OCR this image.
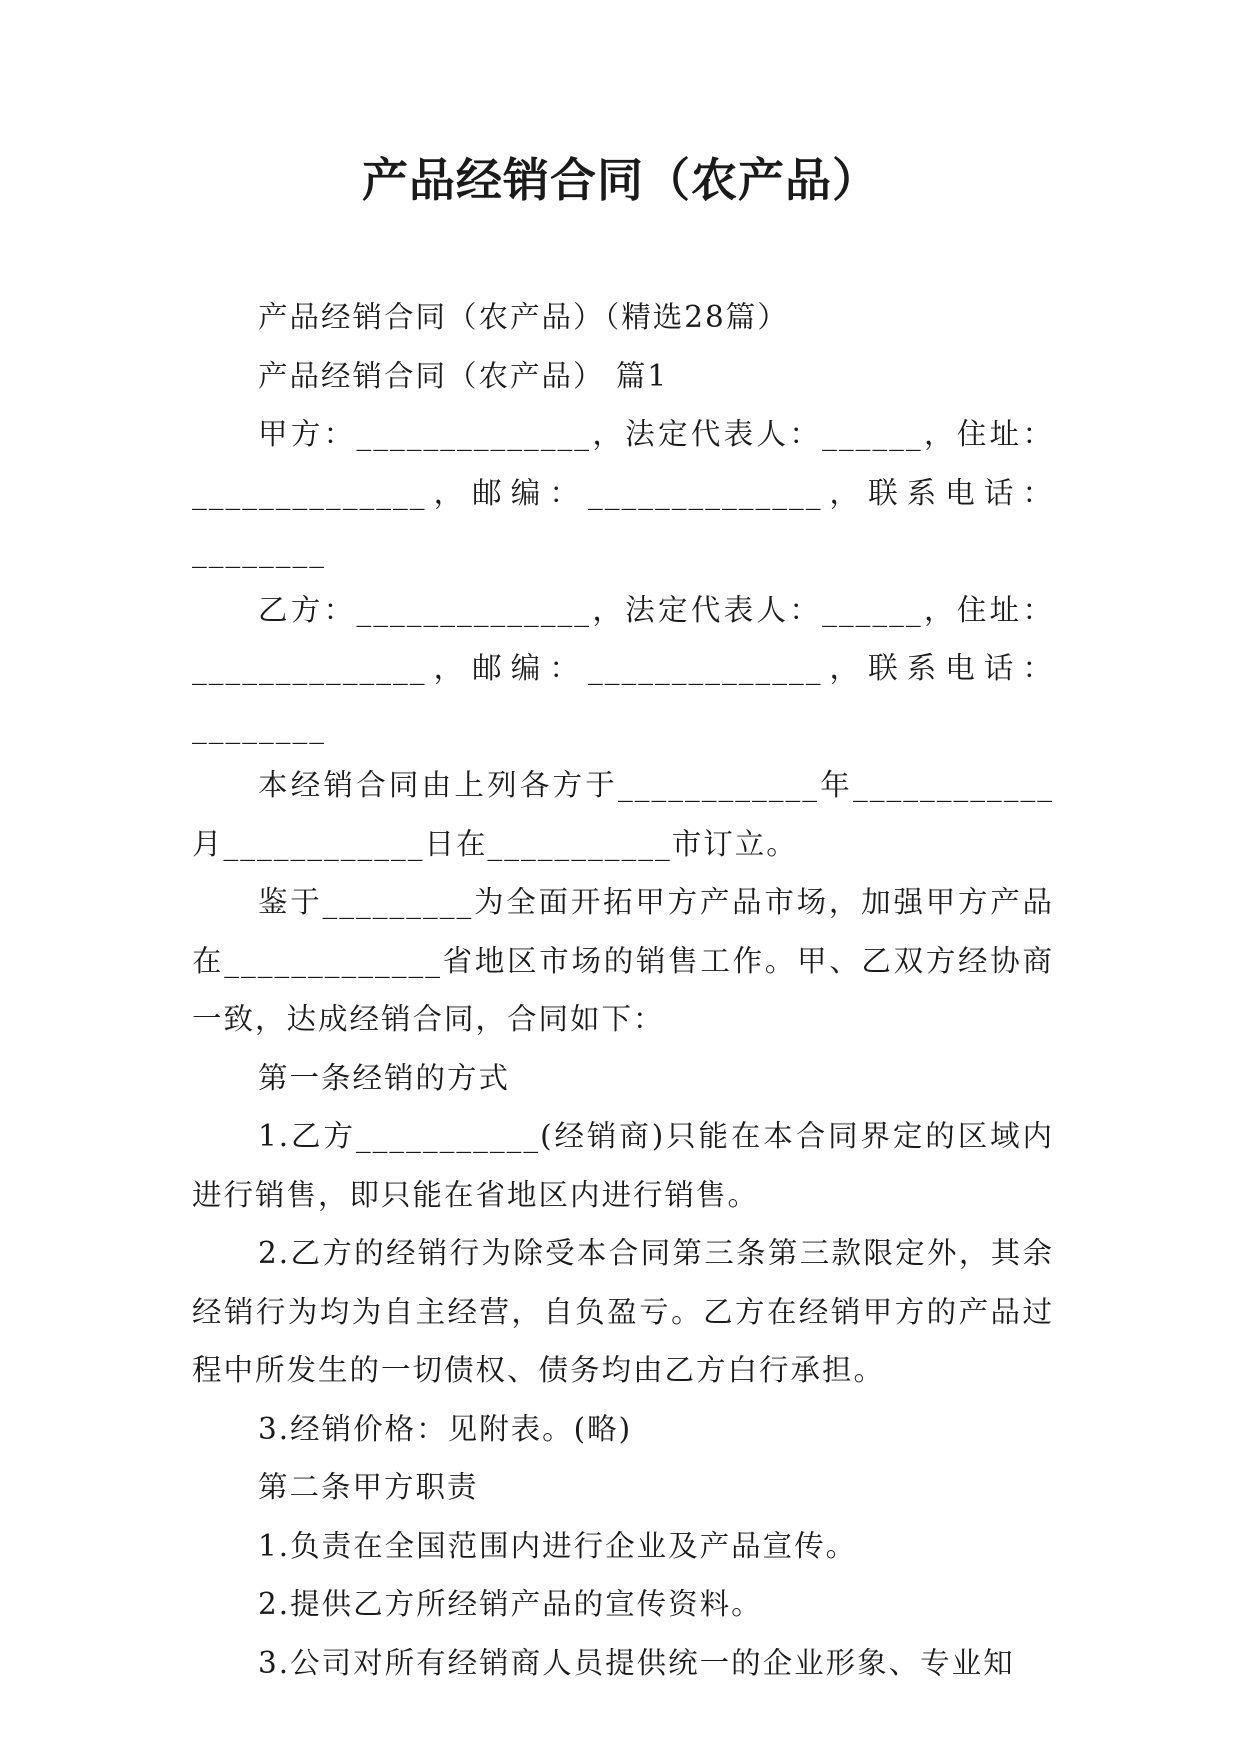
产品经销合同（农产品）

产品经销合同（农产品）（精选28篇）

产品经销合同（农产品） 篇1

甲方：______________，法定代表人：______，住址：______________，邮编：______________，联系电话：________

乙方：______________，法定代表人：______，住址：______________，邮编：______________，联系电话：________

本经销合同由上列各方于____________年____________月____________日在___________市订立。

鉴于_________为全面开拓甲方产品市场，加强甲方产品在_____________省地区市场的销售工作。甲、乙双方经协商一致，达成经销合同，合同如下：

第一条经销的方式

1.乙方___________(经销商)只能在本合同界定的区域内进行销售，即只能在省地区内进行销售。

2.乙方的经销行为除受本合同第三条第三款限定外，其余经销行为均为自主经营，自负盈亏。乙方在经销甲方的产品过程中所发生的一切债权、债务均由乙方白行承担。

3.经销价格：见附表。(略)

第二条甲方职责

1.负责在全国范围内进行企业及产品宣传。

2.提供乙方所经销产品的宣传资料。

3.公司对所有经销商人员提供统一的企业形象、专业知
